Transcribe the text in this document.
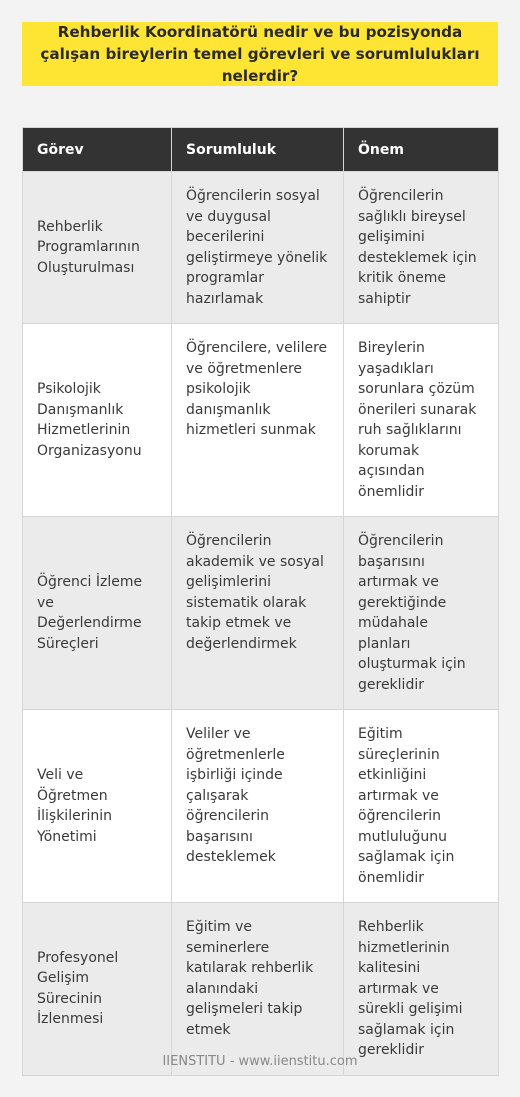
Rehberlik Koordinatörü nedir ve bu pozisyonda çalışan bireylerin temel görevleri ve sorumlulukları nelerdir?
Görev	Sorumluluk	Önem
Rehberlik Programlarının Oluşturulması	Öğrencilerin sosyal ve duygusal becerilerini geliştirmeye yönelik programlar hazırlamak	Öğrencilerin sağlıklı bireysel gelişimini desteklemek için kritik öneme sahiptir
Psikolojik Danışmanlık Hizmetlerinin Organizasyonu	Öğrencilere, velilere ve öğretmenlere psikolojik danışmanlık hizmetleri sunmak	Bireylerin yaşadıkları sorunlara çözüm önerileri sunarak ruh sağlıklarını korumak açısından önemlidir
Öğrenci İzleme ve Değerlendirme Süreçleri	Öğrencilerin akademik ve sosyal gelişimlerini sistematik olarak takip etmek ve değerlendirmek	Öğrencilerin başarısını artırmak ve gerektiğinde müdahale planları oluşturmak için gereklidir
Veli ve Öğretmen İlişkilerinin Yönetimi	Veliler ve öğretmenlerle işbirliği içinde çalışarak öğrencilerin başarısını desteklemek	Eğitim süreçlerinin etkinliğini artırmak ve öğrencilerin mutluluğunu sağlamak için önemlidir
Profesyonel Gelişim Sürecinin İzlenmesi	Eğitim ve seminerlere katılarak rehberlik alanındaki gelişmeleri takip etmek	Rehberlik hizmetlerinin kalitesini artırmak ve sürekli gelişimi sağlamak için gereklidir
IIENSTITU - www.iienstitu.com
